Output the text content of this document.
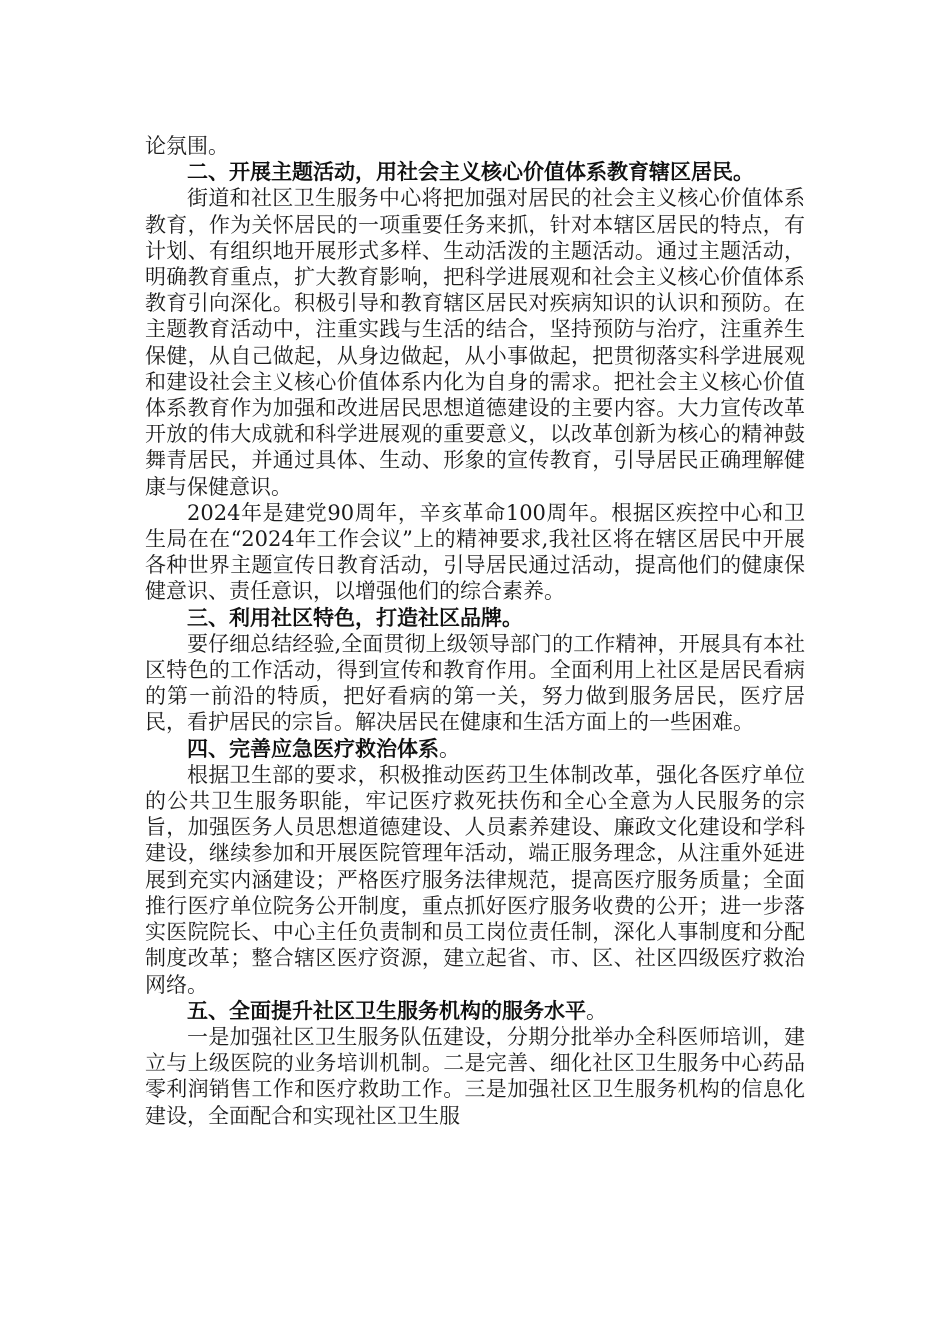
论氛围。

二、开展主题活动，用社会主义核心价值体系教育辖区居民。

街道和社区卫生服务中心将把加强对居民的社会主义核心价值体系教育，作为关怀居民的一项重要任务来抓，针对本辖区居民的特点，有计划、有组织地开展形式多样、生动活泼的主题活动。通过主题活动，明确教育重点，扩大教育影响，把科学进展观和社会主义核心价值体系教育引向深化。积极引导和教育辖区居民对疾病知识的认识和预防。在主题教育活动中，注重实践与生活的结合，坚持预防与治疗，注重养生保健，从自己做起，从身边做起，从小事做起，把贯彻落实科学进展观和建设社会主义核心价值体系内化为自身的需求。把社会主义核心价值体系教育作为加强和改进居民思想道德建设的主要内容。大力宣传改革开放的伟大成就和科学进展观的重要意义，以改革创新为核心的精神鼓舞青居民，并通过具体、生动、形象的宣传教育，引导居民正确理解健康与保健意识。

2024年是建党90周年，辛亥革命100周年。根据区疾控中心和卫生局在在“2024年工作会议”上的精神要求,我社区将在辖区居民中开展各种世界主题宣传日教育活动，引导居民通过活动，提高他们的健康保健意识、责任意识，以增强他们的综合素养。

三、利用社区特色，打造社区品牌。

要仔细总结经验,全面贯彻上级领导部门的工作精神，开展具有本社区特色的工作活动，得到宣传和教育作用。全面利用上社区是居民看病的第一前沿的特质，把好看病的第一关，努力做到服务居民，医疗居民，看护居民的宗旨。解决居民在健康和生活方面上的一些困难。

四、完善应急医疗救治体系。

根据卫生部的要求，积极推动医药卫生体制改革，强化各医疗单位的公共卫生服务职能，牢记医疗救死扶伤和全心全意为人民服务的宗旨，加强医务人员思想道德建设、人员素养建设、廉政文化建设和学科建设，继续参加和开展医院管理年活动，端正服务理念，从注重外延进展到充实内涵建设；严格医疗服务法律规范，提高医疗服务质量；全面推行医疗单位院务公开制度，重点抓好医疗服务收费的公开；进一步落实医院院长、中心主任负责制和员工岗位责任制，深化人事制度和分配制度改革；整合辖区医疗资源，建立起省、市、区、社区四级医疗救治网络。

五、全面提升社区卫生服务机构的服务水平。

一是加强社区卫生服务队伍建设，分期分批举办全科医师培训，建立与上级医院的业务培训机制。二是完善、细化社区卫生服务中心药品零利润销售工作和医疗救助工作。三是加强社区卫生服务机构的信息化建设，全面配合和实现社区卫生服
